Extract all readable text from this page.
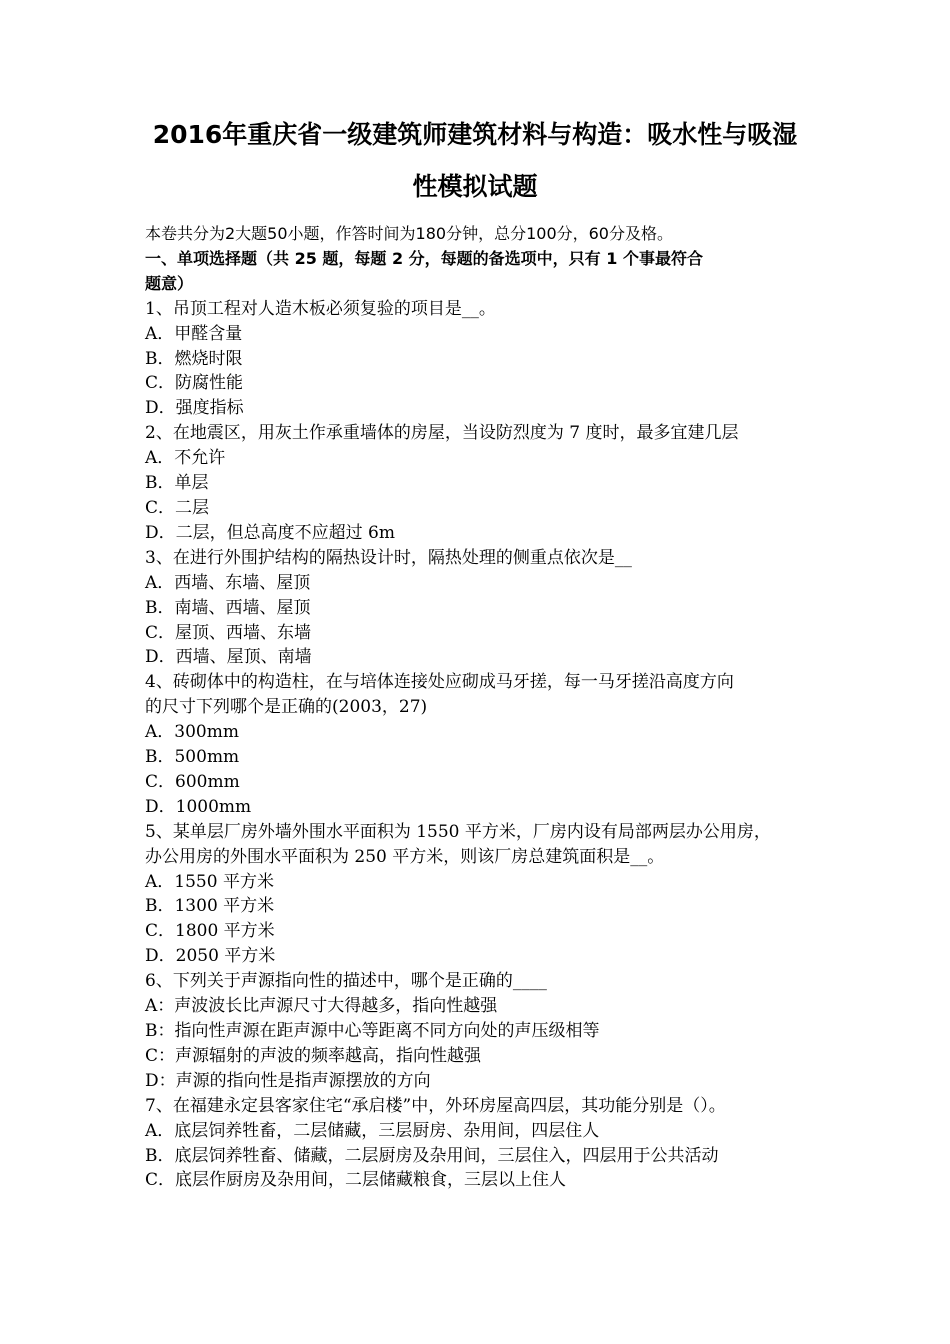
2016年重庆省一级建筑师建筑材料与构造：吸水性与吸湿
性模拟试题

本卷共分为2大题50小题，作答时间为180分钟，总分100分，60分及格。

一、单项选择题（共 25 题，每题 2 分，每题的备选项中，只有 1 个事最符合

题意）

1、吊顶工程对人造木板必须复验的项目是__。

A．甲醛含量

B．燃烧时限

C．防腐性能

D．强度指标

2、在地震区，用灰土作承重墙体的房屋，当设防烈度为 7 度时，最多宜建几层

A．不允许

B．单层

C．二层

D．二层，但总高度不应超过 6m

3、在进行外围护结构的隔热设计时，隔热处理的侧重点依次是__

A．西墙、东墙、屋顶

B．南墙、西墙、屋顶

C．屋顶、西墙、东墙

D．西墙、屋顶、南墙

4、砖砌体中的构造柱，在与培体连接处应砌成马牙搓，每一马牙搓沿高度方向

的尺寸下列哪个是正确的(2003，27)

A．300mm

B．500mm

C．600mm

D．1000mm

5、某单层厂房外墙外围水平面积为 1550 平方米，厂房内设有局部两层办公用房，

办公用房的外围水平面积为 250 平方米，则该厂房总建筑面积是__。

A．1550 平方米

B．1300 平方米

C．1800 平方米

D．2050 平方米

6、下列关于声源指向性的描述中，哪个是正确的____

A：声波波长比声源尺寸大得越多，指向性越强

B：指向性声源在距声源中心等距离不同方向处的声压级相等

C：声源辐射的声波的频率越高，指向性越强

D：声源的指向性是指声源摆放的方向

7、在福建永定县客家住宅“承启楼”中，外环房屋高四层，其功能分别是（）。

A．底层饲养牲畜，二层储藏，三层厨房、杂用间，四层住人

B．底层饲养牲畜、储藏，二层厨房及杂用间，三层住入，四层用于公共活动

C．底层作厨房及杂用间，二层储藏粮食，三层以上住人
